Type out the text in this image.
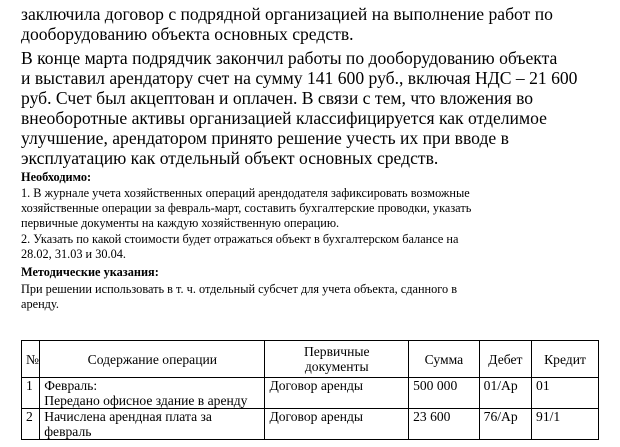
заключила договор с подрядной организацией на выполнение работ по
дооборудованию объекта основных средств.
В конце марта подрядчик закончил работы по дооборудованию объекта
и выставил арендатору счет на сумму 141 600 руб., включая НДС – 21 600
руб. Счет был акцептован и оплачен. В связи с тем, что вложения во
внеоборотные активы организацией классифицируется как отделимое
улучшение, арендатором принято решение учесть их при вводе в
эксплуатацию как отдельный объект основных средств.
Необходимо:
1. В журнале учета хозяйственных операций арендодателя зафиксировать возможные
хозяйственные операции за февраль-март, составить бухгалтерские проводки, указать
первичные документы на каждую хозяйственную операцию.
2. Указать по какой стоимости будет отражаться объект в бухгалтерском балансе на
28.02, 31.03 и 30.04.
Методические указания:
При решении использовать в т. ч. отдельный субсчет для учета объекта, сданного в
аренду.
№	Содержание операции	Первичные
документы	Сумма	Дебет	Кредит
1	Февраль:
Передано офисное здание в аренду	Договор аренды	500 000	01/Ар	01
2	Начислена арендная плата за
февраль	Договор аренды	23 600	76/Ар	91/1
